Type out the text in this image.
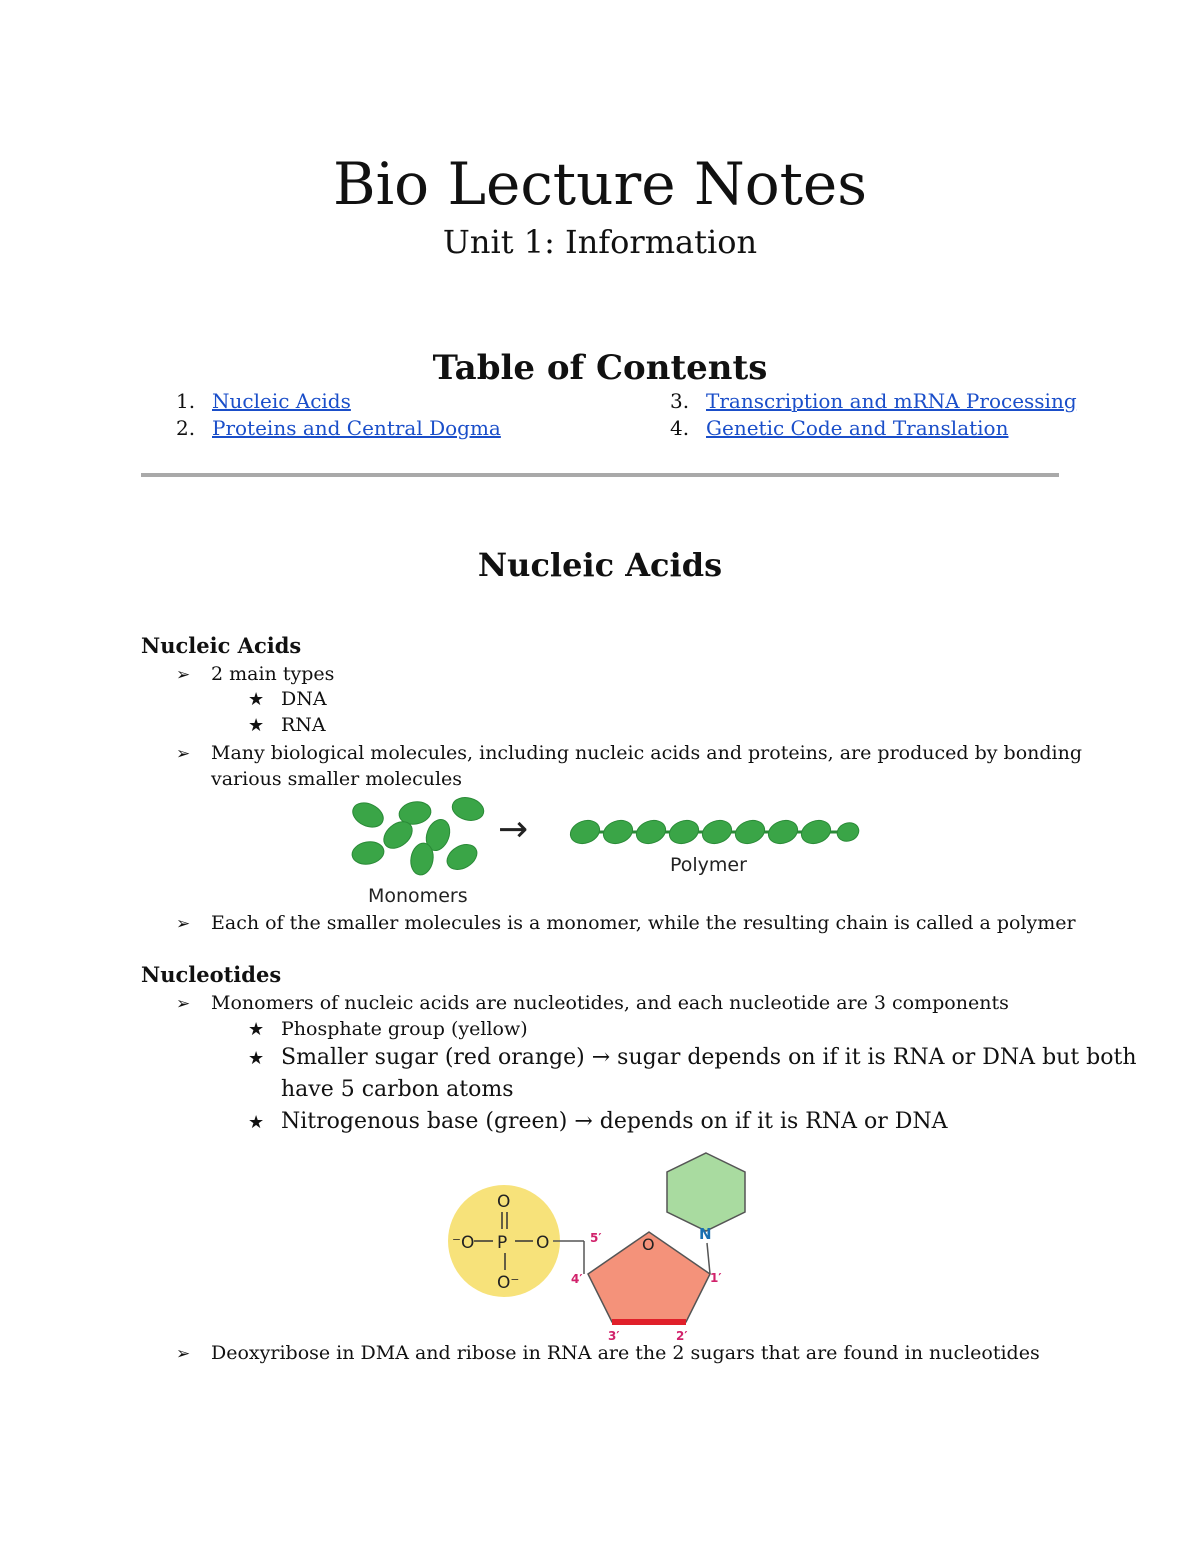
Bio Lecture Notes
Unit 1: Information
Table of Contents
1. Nucleic Acids
2. Proteins and Central Dogma
3. Transcription and mRNA Processing
4. Genetic Code and Translation
Nucleic Acids
Nucleic Acids
➢ 2 main types
★ DNA
★ RNA
➢ Many biological molecules, including nucleic acids and proteins, are produced by bonding
various smaller molecules
Monomers
→
Polymer
➢ Each of the smaller molecules is a monomer, while the resulting chain is called a polymer
Nucleotides
➢ Monomers of nucleic acids are nucleotides, and each nucleotide are 3 components
★ Phosphate group (yellow)
★ Smaller sugar (red orange) → sugar depends on if it is RNA or DNA but both
have 5 carbon atoms
★ Nitrogenous base (green) → depends on if it is RNA or DNA
O
⁻O P O
O⁻
5′	O
4′	1′
3′	2′
N
➢ Deoxyribose in DMA and ribose in RNA are the 2 sugars that are found in nucleotides
